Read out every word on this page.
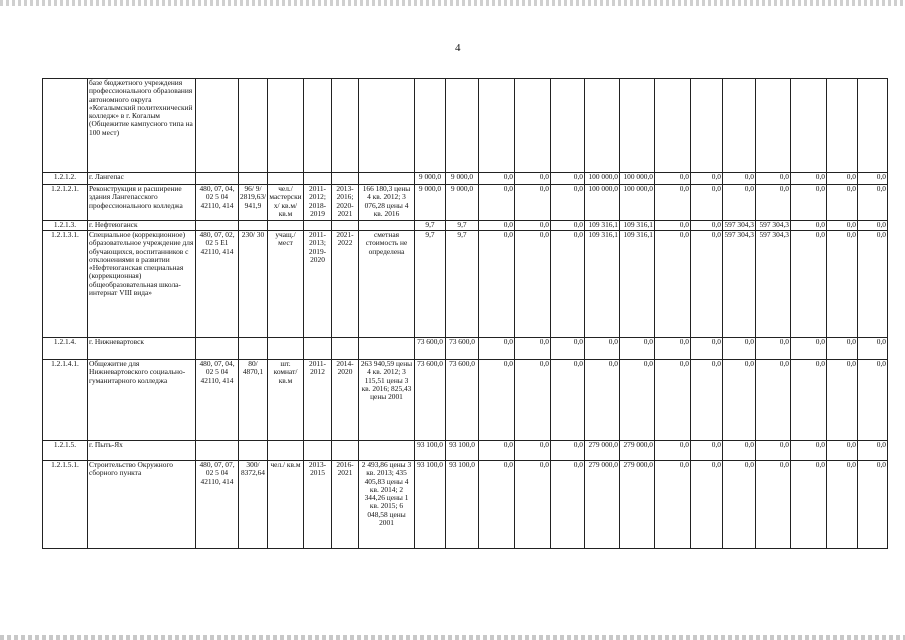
4
	базе бюджетного учреждения профессионального образования автономного округа «Когалымский политехнический колледж» в г. Когалым (Общежитие кампусного типа на 100 мест)																				
1.2.1.2.	г. Лангепас							9 000,0	9 000,0	0,0	0,0	0,0	100 000,0	100 000,0	0,0	0,0	0,0	0,0	0,0	0,0	0,0
1.2.1.2.1.	Реконструкция и расширение здания Лангепасского профессионального колледжа	480, 07, 04, 02 5 04 42110, 414	96/ 9/ 2819,63/ 941,9	чел./ мастерски х/ кв.м/ кв.м	2011-2012; 2018-2019	2013-2016; 2020-2021	166 180,3 цены 4 кв. 2012; 3 076,28 цены 4 кв. 2016	9 000,0	9 000,0	0,0	0,0	0,0	100 000,0	100 000,0	0,0	0,0	0,0	0,0	0,0	0,0	0,0
1.2.1.3.	г. Нефтеюганск							9,7	9,7	0,0	0,0	0,0	109 316,1	109 316,1	0,0	0,0	597 304,3	597 304,3	0,0	0,0	0,0
1.2.1.3.1.	Специальное (коррекционное) образовательное учреждение для обучающихся, воспитанников с отклонениями в развитии «Нефтеюганская специальная (коррекционная) общеобразовательная школа-интернат VIII вида»	480, 07, 02, 02 5 Е1 42110, 414	230/ 30	учащ./ мест	2011-2013; 2019-2020	2021-2022	сметная стоимость не определена	9,7	9,7	0,0	0,0	0,0	109 316,1	109 316,1	0,0	0,0	597 304,3	597 304,3	0,0	0,0	0,0
1.2.1.4.	г. Нижневартовск							73 600,0	73 600,0	0,0	0,0	0,0	0,0	0,0	0,0	0,0	0,0	0,0	0,0	0,0	0,0
1.2.1.4.1.	Общежитие для Нижневартовского социально-гуманитарного колледжа	480, 07, 04, 02 5 04 42110, 414	80/ 4870,1	шт. комнат/ кв.м	2011-2012	2014-2020	263 940,59 цены 4 кв. 2012; 3 115,51 цены 3 кв. 2016; 825,43 цены 2001	73 600,0	73 600,0	0,0	0,0	0,0	0,0	0,0	0,0	0,0	0,0	0,0	0,0	0,0	0,0
1.2.1.5.	г. Пыть-Ях							93 100,0	93 100,0	0,0	0,0	0,0	279 000,0	279 000,0	0,0	0,0	0,0	0,0	0,0	0,0	0,0
1.2.1.5.1.	Строительство Окружного сборного пункта	480, 07, 07, 02 5 04 42110, 414	300/ 8372,64	чел./ кв.м	2013-2015	2016-2021	2 493,86 цены 3 кв. 2013; 435 405,83 цены 4 кв. 2014; 2 344,26 цены 1 кв. 2015; 6 048,58 цены 2001	93 100,0	93 100,0	0,0	0,0	0,0	279 000,0	279 000,0	0,0	0,0	0,0	0,0	0,0	0,0	0,0
